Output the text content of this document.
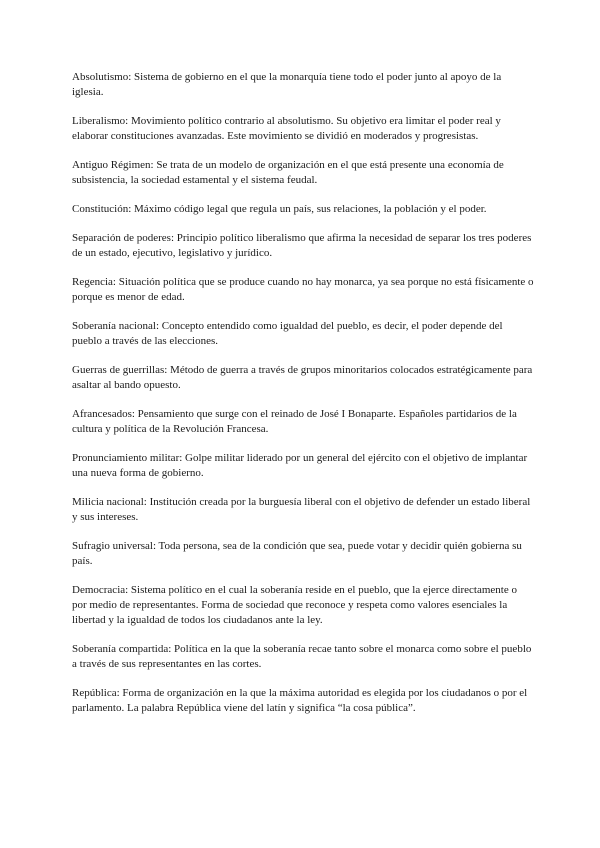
Absolutismo: Sistema de gobierno en el que la monarquía tiene todo el poder junto al apoyo de la iglesia.

Liberalismo: Movimiento político contrario al absolutismo. Su objetivo era limitar el poder real y elaborar constituciones avanzadas. Este movimiento se dividió en moderados y progresistas.

Antiguo Régimen: Se trata de un modelo de organización en el que está presente una economía de subsistencia, la sociedad estamental y el sistema feudal.

Constitución: Máximo código legal que regula un país, sus relaciones, la población y el poder.

Separación de poderes: Principio político liberalismo que afirma la necesidad de separar los tres poderes de un estado, ejecutivo, legislativo y jurídico.

Regencia: Situación política que se produce cuando no hay monarca, ya sea porque no está físicamente o porque es menor de edad.

Soberanía nacional: Concepto entendido como igualdad del pueblo, es decir, el poder depende del pueblo a través de las elecciones.

Guerras de guerrillas: Método de guerra a través de grupos minoritarios colocados estratégicamente para asaltar al bando opuesto.

Afrancesados: Pensamiento que surge con el reinado de José I Bonaparte. Españoles partidarios de la cultura y política de la Revolución Francesa.

Pronunciamiento militar: Golpe militar liderado por un general del ejército con el objetivo de implantar una nueva forma de gobierno.

Milicia nacional: Institución creada por la burguesía liberal con el objetivo de defender un estado liberal y sus intereses.

Sufragio universal: Toda persona, sea de la condición que sea, puede votar y decidir quién gobierna su país.

Democracia: Sistema político en el cual la soberanía reside en el pueblo, que la ejerce directamente o por medio de representantes. Forma de sociedad que reconoce y respeta como valores esenciales la libertad y la igualdad de todos los ciudadanos ante la ley.

Soberanía compartida: Política en la que la soberanía recae tanto sobre el monarca como sobre el pueblo a través de sus representantes en las cortes.

República: Forma de organización en la que la máxima autoridad es elegida por los ciudadanos o por el parlamento. La palabra República viene del latín y significa “la cosa pública”.
